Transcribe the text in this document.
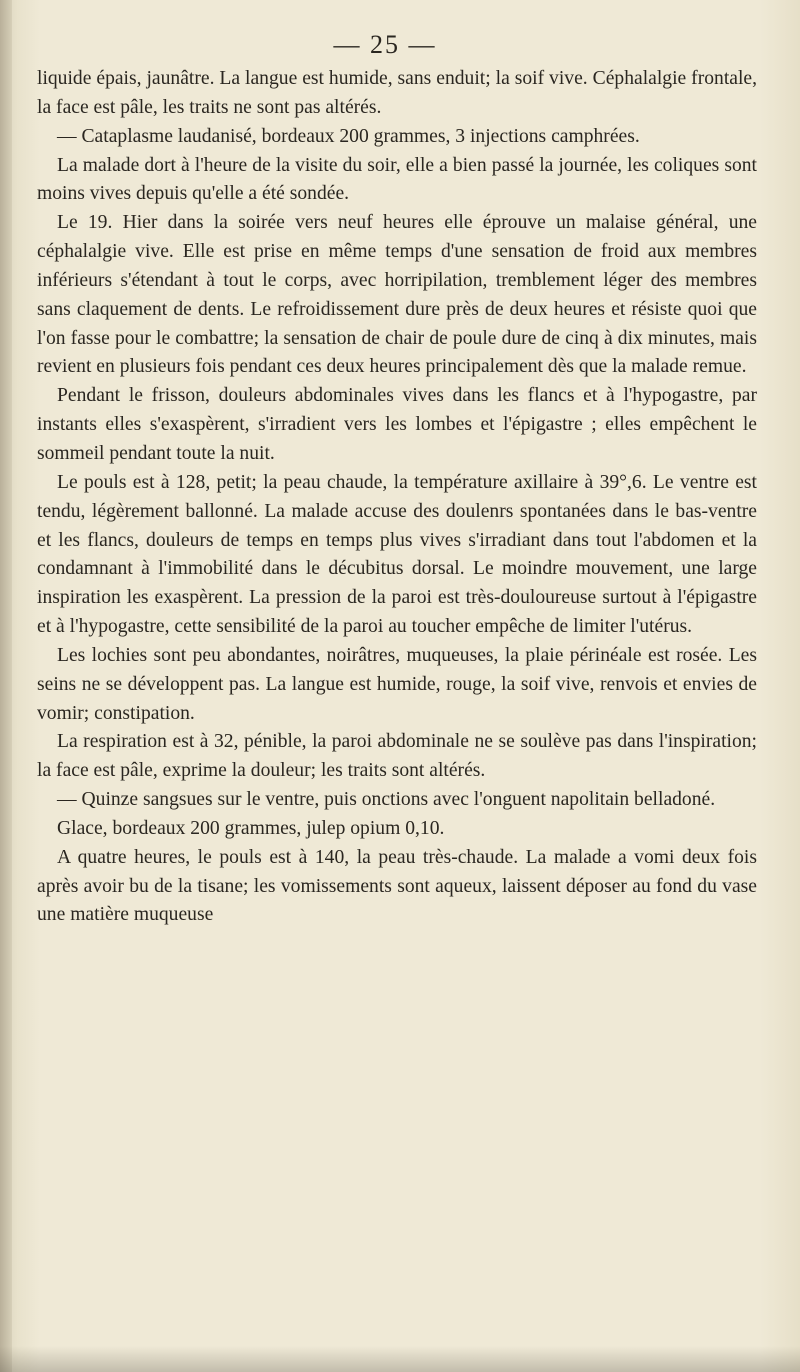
— 25 —

liquide épais, jaunâtre. La langue est humide, sans enduit; la soif vive. Céphalalgie frontale, la face est pâle, les traits ne sont pas altérés.

— Cataplasme laudanisé, bordeaux 200 grammes, 3 injections camphrées.

La malade dort à l'heure de la visite du soir, elle a bien passé la journée, les coliques sont moins vives depuis qu'elle a été sondée.

Le 19. Hier dans la soirée vers neuf heures elle éprouve un malaise général, une céphalalgie vive. Elle est prise en même temps d'une sensation de froid aux membres inférieurs s'étendant à tout le corps, avec horripilation, tremblement léger des membres sans claquement de dents. Le refroidissement dure près de deux heures et résiste quoi que l'on fasse pour le combattre; la sensation de chair de poule dure de cinq à dix minutes, mais revient en plusieurs fois pendant ces deux heures principalement dès que la malade remue.

Pendant le frisson, douleurs abdominales vives dans les flancs et à l'hypogastre, par instants elles s'exaspèrent, s'irradient vers les lombes et l'épigastre ; elles empêchent le sommeil pendant toute la nuit.

Le pouls est à 128, petit; la peau chaude, la température axillaire à 39°,6. Le ventre est tendu, légèrement ballonné. La malade accuse des doulenrs spontanées dans le bas-ventre et les flancs, douleurs de temps en temps plus vives s'irradiant dans tout l'abdomen et la condamnant à l'immobilité dans le décubitus dorsal. Le moindre mouvement, une large inspiration les exaspèrent. La pression de la paroi est très-douloureuse surtout à l'épigastre et à l'hypogastre, cette sensibilité de la paroi au toucher empêche de limiter l'utérus.

Les lochies sont peu abondantes, noirâtres, muqueuses, la plaie périnéale est rosée. Les seins ne se développent pas. La langue est humide, rouge, la soif vive, renvois et envies de vomir; constipation.

La respiration est à 32, pénible, la paroi abdominale ne se soulève pas dans l'inspiration; la face est pâle, exprime la douleur; les traits sont altérés.

— Quinze sangsues sur le ventre, puis onctions avec l'onguent napolitain belladoné.

Glace, bordeaux 200 grammes, julep opium 0,10.

A quatre heures, le pouls est à 140, la peau très-chaude. La malade a vomi deux fois après avoir bu de la tisane; les vomissements sont aqueux, laissent déposer au fond du vase une matière muqueuse
